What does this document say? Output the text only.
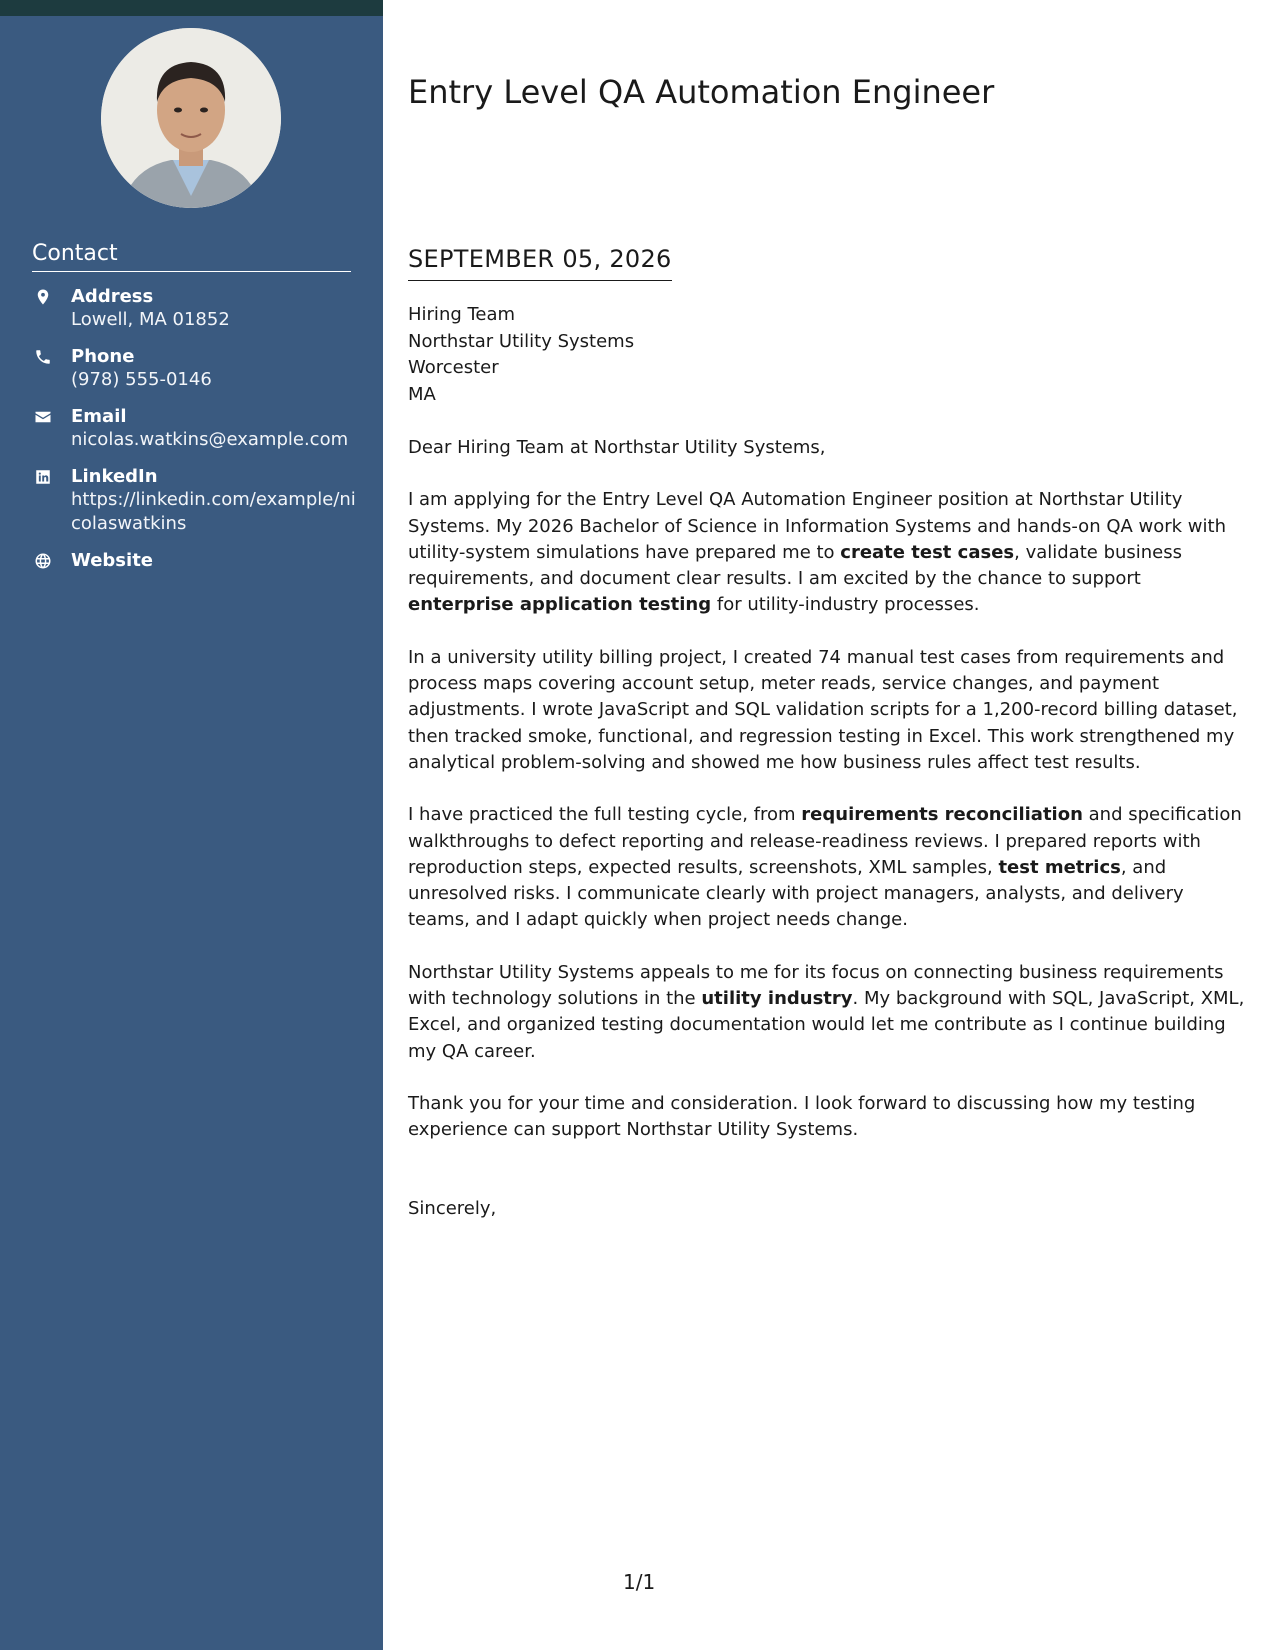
Contact
Address
Lowell, MA 01852
Phone
(978) 555-0146
Email
nicolas.watkins@example.com
LinkedIn
https://linkedin.com/example/nicolaswatkins
Website
Entry Level QA Automation Engineer
SEPTEMBER 05, 2026
Hiring Team
Northstar Utility Systems
Worcester
MA
Dear Hiring Team at Northstar Utility Systems,
I am applying for the Entry Level QA Automation Engineer position at Northstar Utility Systems. My 2026 Bachelor of Science in Information Systems and hands-on QA work with utility-system simulations have prepared me to create test cases, validate business requirements, and document clear results. I am excited by the chance to support enterprise application testing for utility-industry processes.
In a university utility billing project, I created 74 manual test cases from requirements and process maps covering account setup, meter reads, service changes, and payment adjustments. I wrote JavaScript and SQL validation scripts for a 1,200-record billing dataset, then tracked smoke, functional, and regression testing in Excel. This work strengthened my analytical problem-solving and showed me how business rules affect test results.
I have practiced the full testing cycle, from requirements reconciliation and specification walkthroughs to defect reporting and release-readiness reviews. I prepared reports with reproduction steps, expected results, screenshots, XML samples, test metrics, and unresolved risks. I communicate clearly with project managers, analysts, and delivery teams, and I adapt quickly when project needs change.
Northstar Utility Systems appeals to me for its focus on connecting business requirements with technology solutions in the utility industry. My background with SQL, JavaScript, XML, Excel, and organized testing documentation would let me contribute as I continue building my QA career.
Thank you for your time and consideration. I look forward to discussing how my testing experience can support Northstar Utility Systems.
Sincerely,
1/1
